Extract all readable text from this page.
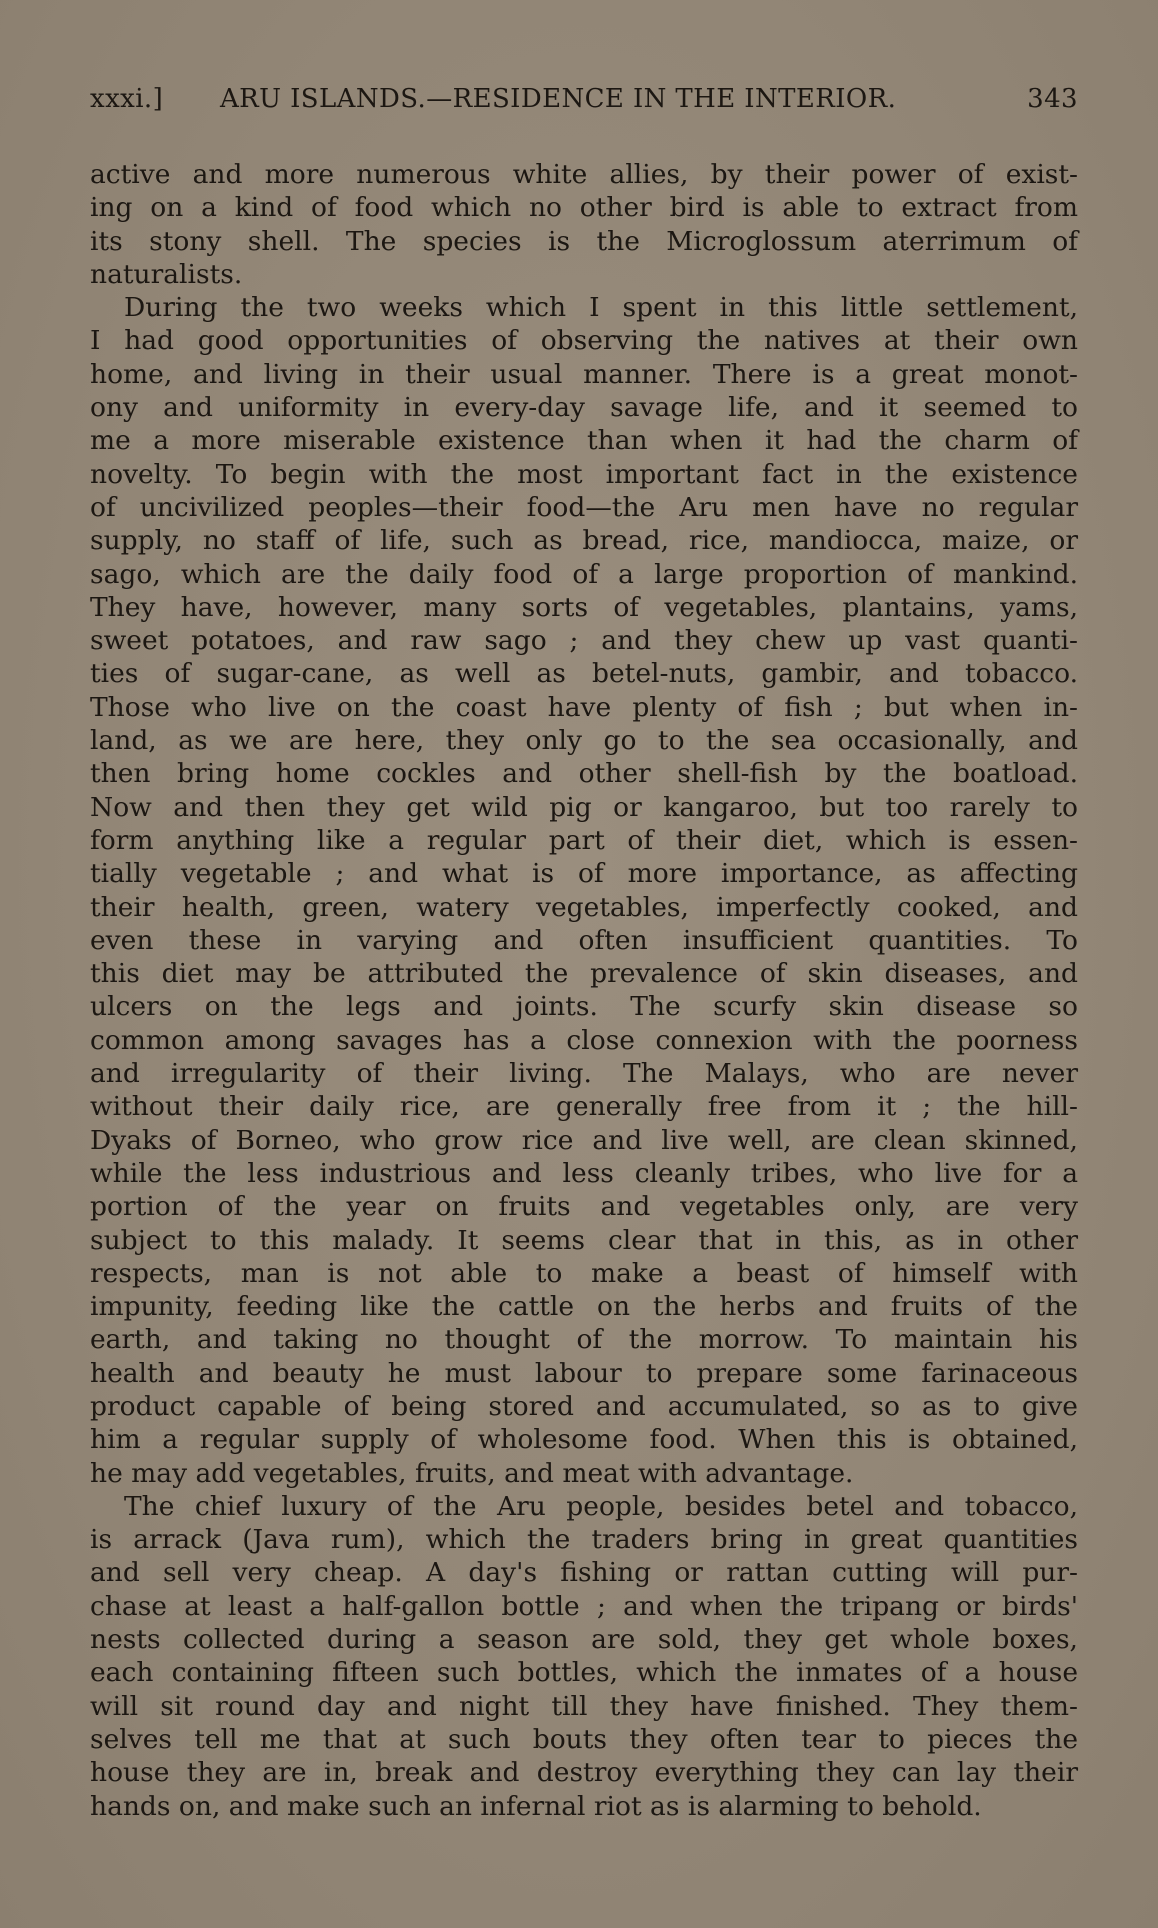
xxxi.] ARU ISLANDS.—RESIDENCE IN THE INTERIOR.	343
active and more numerous white allies, by their power of exist-
ing on a kind of food which no other bird is able to extract from
its stony shell. The species is the Microglossum aterrimum of
naturalists.
During the two weeks which I spent in this little settlement,
I had good opportunities of observing the natives at their own
home, and living in their usual manner. There is a great monot-
ony and uniformity in every-day savage life, and it seemed to
me a more miserable existence than when it had the charm of
novelty. To begin with the most important fact in the existence
of uncivilized peoples—their food—the Aru men have no regular
supply, no staff of life, such as bread, rice, mandiocca, maize, or
sago, which are the daily food of a large proportion of mankind.
They have, however, many sorts of vegetables, plantains, yams,
sweet potatoes, and raw sago ; and they chew up vast quanti-
ties of sugar-cane, as well as betel-nuts, gambir, and tobacco.
Those who live on the coast have plenty of fish ; but when in-
land, as we are here, they only go to the sea occasionally, and
then bring home cockles and other shell-fish by the boatload.
Now and then they get wild pig or kangaroo, but too rarely to
form anything like a regular part of their diet, which is essen-
tially vegetable ; and what is of more importance, as affecting
their health, green, watery vegetables, imperfectly cooked, and
even these in varying and often insufficient quantities. To
this diet may be attributed the prevalence of skin diseases, and
ulcers on the legs and joints. The scurfy skin disease so
common among savages has a close connexion with the poorness
and irregularity of their living. The Malays, who are never
without their daily rice, are generally free from it ; the hill-
Dyaks of Borneo, who grow rice and live well, are clean skinned,
while the less industrious and less cleanly tribes, who live for a
portion of the year on fruits and vegetables only, are very
subject to this malady. It seems clear that in this, as in other
respects, man is not able to make a beast of himself with
impunity, feeding like the cattle on the herbs and fruits of the
earth, and taking no thought of the morrow. To maintain his
health and beauty he must labour to prepare some farinaceous
product capable of being stored and accumulated, so as to give
him a regular supply of wholesome food. When this is obtained,
he may add vegetables, fruits, and meat with advantage.
The chief luxury of the Aru people, besides betel and tobacco,
is arrack (Java rum), which the traders bring in great quantities
and sell very cheap. A day's fishing or rattan cutting will pur-
chase at least a half-gallon bottle ; and when the tripang or birds'
nests collected during a season are sold, they get whole boxes,
each containing fifteen such bottles, which the inmates of a house
will sit round day and night till they have finished. They them-
selves tell me that at such bouts they often tear to pieces the
house they are in, break and destroy everything they can lay their
hands on, and make such an infernal riot as is alarming to behold.
